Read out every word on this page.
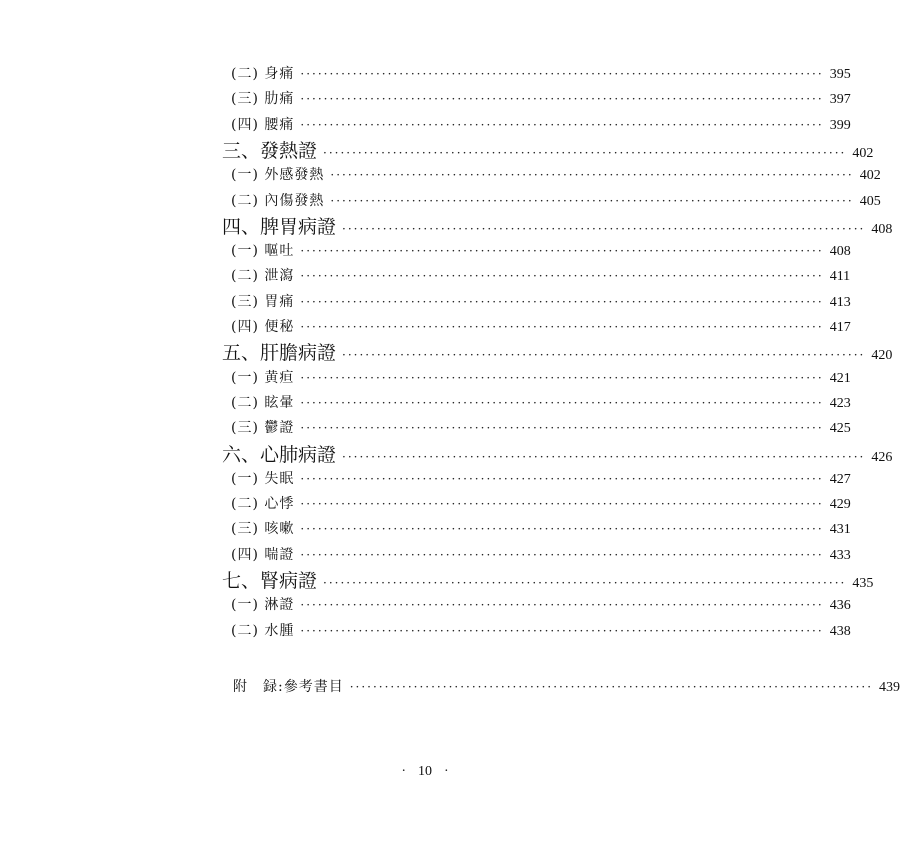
(二) 身痛 ·························································································· 395
(三) 肋痛 ·························································································· 397
(四) 腰痛 ·························································································· 399
三、發熱證 ·························································································· 402
(一) 外感發熱 ·························································································· 402
(二) 內傷發熱 ·························································································· 405
四、脾胃病證 ·························································································· 408
(一) 嘔吐 ·························································································· 408
(二) 泄瀉 ·························································································· 411
(三) 胃痛 ·························································································· 413
(四) 便秘 ·························································································· 417
五、肝膽病證 ·························································································· 420
(一) 黄疸 ·························································································· 421
(二) 眩暈 ·························································································· 423
(三) 鬱證 ·························································································· 425
六、心肺病證 ·························································································· 426
(一) 失眠 ·························································································· 427
(二) 心悸 ·························································································· 429
(三) 咳嗽 ·························································································· 431
(四) 喘證 ·························································································· 433
七、腎病證 ·························································································· 435
(一) 淋證 ·························································································· 436
(二) 水腫 ·························································································· 438
附　録:參考書目 ·························································································· 439
· 10 ·
